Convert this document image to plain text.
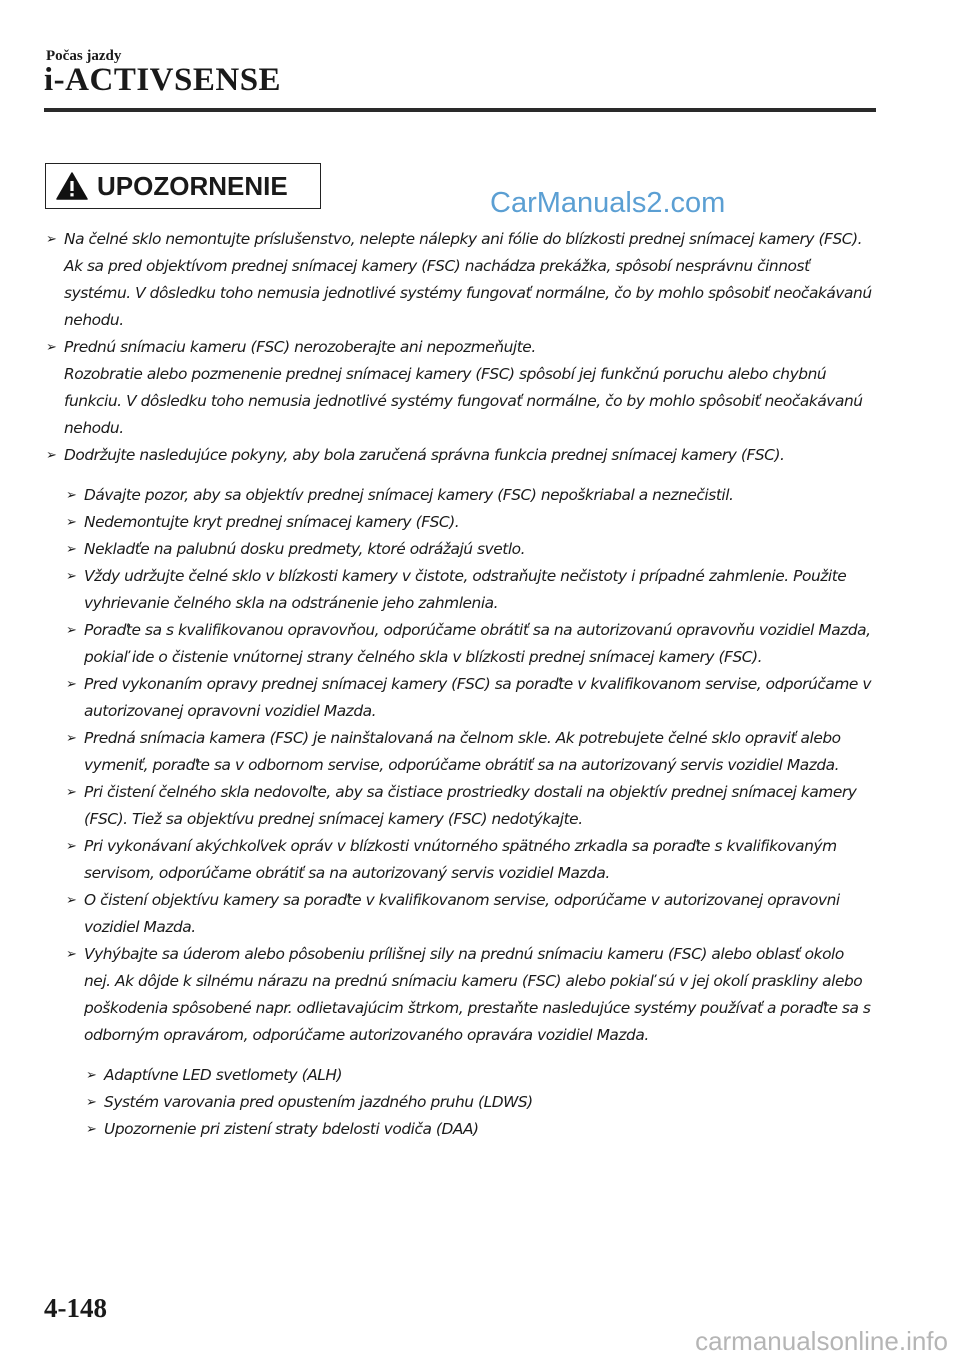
Počas jazdy
i-ACTIVSENSE
UPOZORNENIE
CarManuals2.com
➢ Na čelné sklo nemontujte príslušenstvo, nelepte nálepky ani fólie do blízkosti prednej snímacej kamery (FSC).

Ak sa pred objektívom prednej snímacej kamery (FSC) nachádza prekážka, spôsobí nesprávnu činnosť systému. V dôsledku toho nemusia jednotlivé systémy fungovať normálne, čo by mohlo spôsobiť neočakávanú nehodu.

➢ Prednú snímaciu kameru (FSC) nerozoberajte ani nepozmeňujte.

Rozobratie alebo pozmenenie prednej snímacej kamery (FSC) spôsobí jej funkčnú poruchu alebo chybnú funkciu. V dôsledku toho nemusia jednotlivé systémy fungovať normálne, čo by mohlo spôsobiť neočakávanú nehodu.

➢ Dodržujte nasledujúce pokyny, aby bola zaručená správna funkcia prednej snímacej kamery (FSC).

➢ Dávajte pozor, aby sa objektív prednej snímacej kamery (FSC) nepoškriabal a neznečistil.

➢ Nedemontujte kryt prednej snímacej kamery (FSC).

➢ Nekladťe na palubnú dosku predmety, ktoré odrážajú svetlo.

➢ Vždy udržujte čelné sklo v blízkosti kamery v čistote, odstraňujte nečistoty i prípadné zahmlenie. Použite vyhrievanie čelného skla na odstránenie jeho zahmlenia.

➢ Poraďte sa s kvalifikovanou opravovňou, odporúčame obrátiť sa na autorizovanú opravovňu vozidiel Mazda, pokiaľ ide o čistenie vnútornej strany čelného skla v blízkosti prednej snímacej kamery (FSC).

➢ Pred vykonaním opravy prednej snímacej kamery (FSC) sa poraďte v kvalifikovanom servise, odporúčame v autorizovanej opravovni vozidiel Mazda.

➢ Predná snímacia kamera (FSC) je nainštalovaná na čelnom skle. Ak potrebujete čelné sklo opraviť alebo vymeniť, poraďte sa v odbornom servise, odporúčame obrátiť sa na autorizovaný servis vozidiel Mazda.

➢ Pri čistení čelného skla nedovoľte, aby sa čistiace prostriedky dostali na objektív prednej snímacej kamery (FSC). Tiež sa objektívu prednej snímacej kamery (FSC) nedotýkajte.

➢ Pri vykonávaní akýchkoľvek opráv v blízkosti vnútorného spätného zrkadla sa poraďte s kvalifikovaným servisom, odporúčame obrátiť sa na autorizovaný servis vozidiel Mazda.

➢ O čistení objektívu kamery sa poraďte v kvalifikovanom servise, odporúčame v autorizovanej opravovni vozidiel Mazda.

➢ Vyhýbajte sa úderom alebo pôsobeniu prílišnej sily na prednú snímaciu kameru (FSC) alebo oblasť okolo nej. Ak dôjde k silnému nárazu na prednú snímaciu kameru (FSC) alebo pokiaľ sú v jej okolí praskliny alebo poškodenia spôsobené napr. odlietavajúcim štrkom, prestaňte nasledujúce systémy používať a poraďte sa s odborným opravárom, odporúčame autorizovaného opravára vozidiel Mazda.

➢ Adaptívne LED svetlomety (ALH)

➢ Systém varovania pred opustením jazdného pruhu (LDWS)

➢ Upozornenie pri zistení straty bdelosti vodiča (DAA)

4-148
carmanualsonline.info
